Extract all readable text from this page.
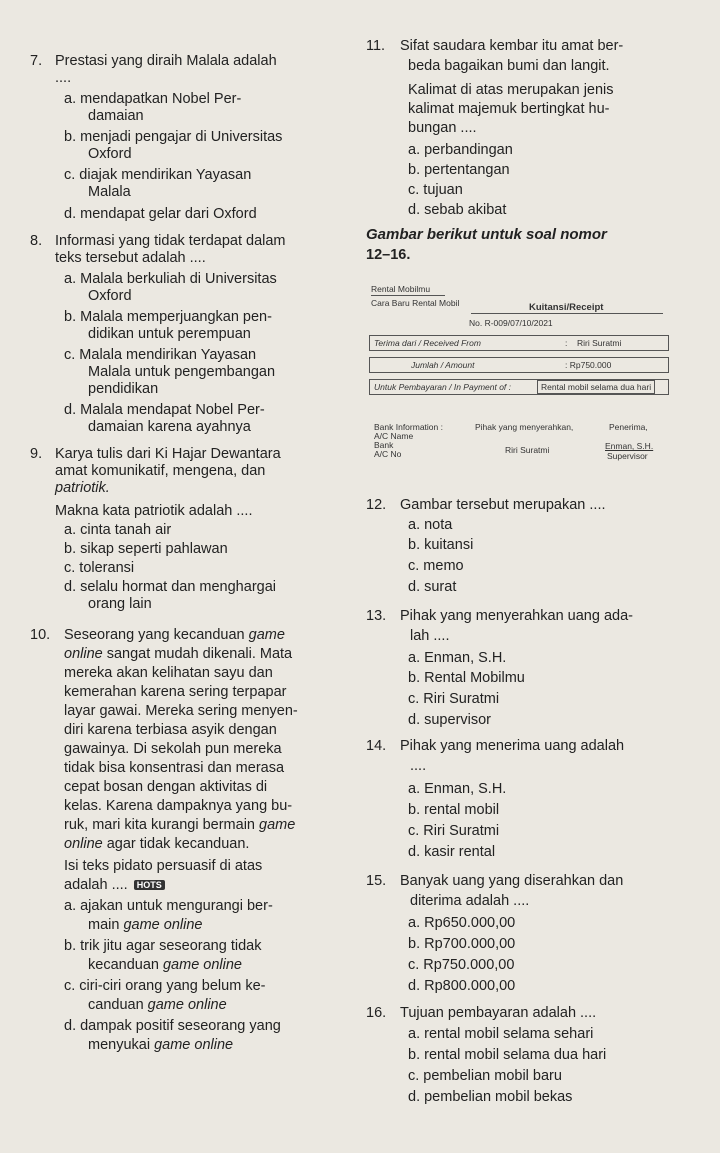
7. Prestasi yang diraih Malala adalah
....
a. mendapatkan Nobel Per-
damaian
b. menjadi pengajar di Universitas
Oxford
c. diajak mendirikan Yayasan
Malala
d. mendapat gelar dari Oxford
8. Informasi yang tidak terdapat dalam
teks tersebut adalah ....
a. Malala berkuliah di Universitas
Oxford
b. Malala memperjuangkan pen-
didikan untuk perempuan
c. Malala mendirikan Yayasan
Malala untuk pengembangan
pendidikan
d. Malala mendapat Nobel Per-
damaian karena ayahnya
9. Karya tulis dari Ki Hajar Dewantara
amat komunikatif, mengena, dan
patriotik.
Makna kata patriotik adalah ....
a. cinta tanah air
b. sikap seperti pahlawan
c. toleransi
d. selalu hormat dan menghargai
orang lain
10. Seseorang yang kecanduan game
online sangat mudah dikenali. Mata
mereka akan kelihatan sayu dan
kemerahan karena sering terpapar
layar gawai. Mereka sering menyen-
diri karena terbiasa asyik dengan
gawainya. Di sekolah pun mereka
tidak bisa konsentrasi dan merasa
cepat bosan dengan aktivitas di
kelas. Karena dampaknya yang bu-
ruk, mari kita kurangi bermain game
online agar tidak kecanduan.
Isi teks pidato persuasif di atas
adalah .... HOTS
a. ajakan untuk mengurangi ber-
main game online
b. trik jitu agar seseorang tidak
kecanduan game online
c. ciri-ciri orang yang belum ke-
canduan game online
d. dampak positif seseorang yang
menyukai game online
11. Sifat saudara kembar itu amat ber-
beda bagaikan bumi dan langit.
Kalimat di atas merupakan jenis
kalimat majemuk bertingkat hu-
bungan ....
a. perbandingan
b. pertentangan
c. tujuan
d. sebab akibat
Gambar berikut untuk soal nomor
12–16.
Rental Mobilmu
Cara Baru Rental Mobil	Kuitansi/Receipt
No. R-009/07/10/2021
Terima dari / Received From	: Riri Suratmi
Jumlah / Amount	: Rp750.000
Untuk Pembayaran / In Payment of :	Rental mobil selama dua hari
Bank Information :
A/C Name
Bank
A/C No
Pihak yang menyerahkan,
Riri Suratmi
Penerima,
Enman, S.H.
Supervisor
12. Gambar tersebut merupakan ....
a. nota
b. kuitansi
c. memo
d. surat
13. Pihak yang menyerahkan uang ada-
lah ....
a. Enman, S.H.
b. Rental Mobilmu
c. Riri Suratmi
d. supervisor
14. Pihak yang menerima uang adalah
....
a. Enman, S.H.
b. rental mobil
c. Riri Suratmi
d. kasir rental
15. Banyak uang yang diserahkan dan
diterima adalah ....
a. Rp650.000,00
b. Rp700.000,00
c. Rp750.000,00
d. Rp800.000,00
16. Tujuan pembayaran adalah ....
a. rental mobil selama sehari
b. rental mobil selama dua hari
c. pembelian mobil baru
d. pembelian mobil bekas
